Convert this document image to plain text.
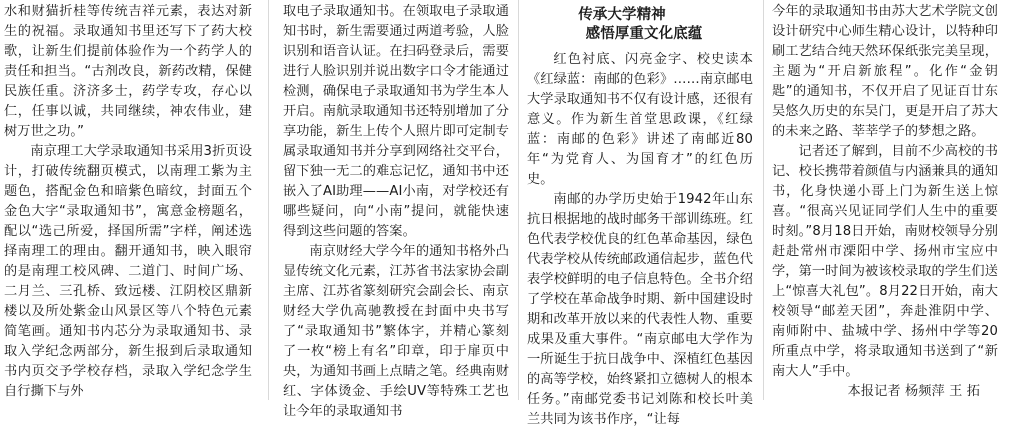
水和财猫折桂等传统吉祥元素，表达对新生的祝福。录取通知书里还写下了药大校歌，让新生们提前体验作为一个药学人的责任和担当。“古剂改良，新药改精，保健民族任重。济济多士，药学专攻，存心以仁，任事以诚，共同继续，神农伟业，建树万世之功。”

南京理工大学录取通知书采用3折页设计，打破传统翻页模式，以南理工紫为主题色，搭配金色和暗紫色暗纹，封面五个金色大字“录取通知书”，寓意金榜题名，配以“选己所爱，择国所需”字样，阐述选择南理工的理由。翻开通知书，映入眼帘的是南理工校风碑、二道门、时间广场、二月兰、三孔桥、致远楼、江阴校区鼎新楼以及所处紫金山风景区等八个特色元素简笔画。通知书内芯分为录取通知书、录取入学纪念两部分，新生报到后录取通知书内页交予学校存档，录取入学纪念学生自行撕下与外

取电子录取通知书。在领取电子录取通知书时，新生需要通过两道考验，人脸识别和语音认证。在扫码登录后，需要进行人脸识别并说出数字口令才能通过检测，确保电子录取通知书为学生本人开启。南航录取通知书还特别增加了分享功能，新生上传个人照片即可定制专属录取通知书并分享到网络社交平台，留下独一无二的难忘记忆，通知书中还嵌入了AI助理——AI小南，对学校还有哪些疑问，向“小南”提问，就能快速得到这些问题的答案。

南京财经大学今年的通知书格外凸显传统文化元素，江苏省书法家协会副主席、江苏省篆刻研究会副会长、南京财经大学仇高驰教授在封面中央书写了“录取通知书”繁体字，并精心篆刻了一枚“榜上有名”印章，印于扉页中央，为通知书画上点睛之笔。经典南财红、字体烫金、手绘UV等特殊工艺也让今年的录取通知书

传承大学精神
感悟厚重文化底蕴

红色衬底、闪亮金字、校史读本《红绿蓝：南邮的色彩》……南京邮电大学录取通知书不仅有设计感，还很有意义。作为新生首堂思政课，《红绿蓝：南邮的色彩》讲述了南邮近80年“为党育人、为国育才”的红色历史。

南邮的办学历史始于1942年山东抗日根据地的战时邮务干部训练班。红色代表学校优良的红色革命基因，绿色代表学校从传统邮政通信起步，蓝色代表学校鲜明的电子信息特色。全书介绍了学校在革命战争时期、新中国建设时期和改革开放以来的代表性人物、重要成果及重大事件。“南京邮电大学作为一所诞生于抗日战争中、深植红色基因的高等学校，始终紧扣立德树人的根本任务。”南邮党委书记刘陈和校长叶美兰共同为该书作序，“让每

今年的录取通知书由苏大艺术学院文创设计研究中心师生精心设计，以特种印刷工艺结合纯天然环保纸张完美呈现，主题为“开启新旅程”。化作“金钥匙”的通知书，不仅开启了见证百廿东吴悠久历史的东吴门，更是开启了苏大的未来之路、莘莘学子的梦想之路。

记者还了解到，目前不少高校的书记、校长携带着颜值与内涵兼具的通知书，化身快递小哥上门为新生送上惊喜。“很高兴见证同学们人生中的重要时刻。”8月18日开始，南财校领导分别赶赴常州市溧阳中学、扬州市宝应中学，第一时间为被该校录取的学生们送上“惊喜大礼包”。8月22日开始，南大校领导“邮差天团”，奔赴淮阴中学、南师附中、盐城中学、扬州中学等20所重点中学，将录取通知书送到了“新南大人”手中。

本报记者 杨频萍 王 拓
